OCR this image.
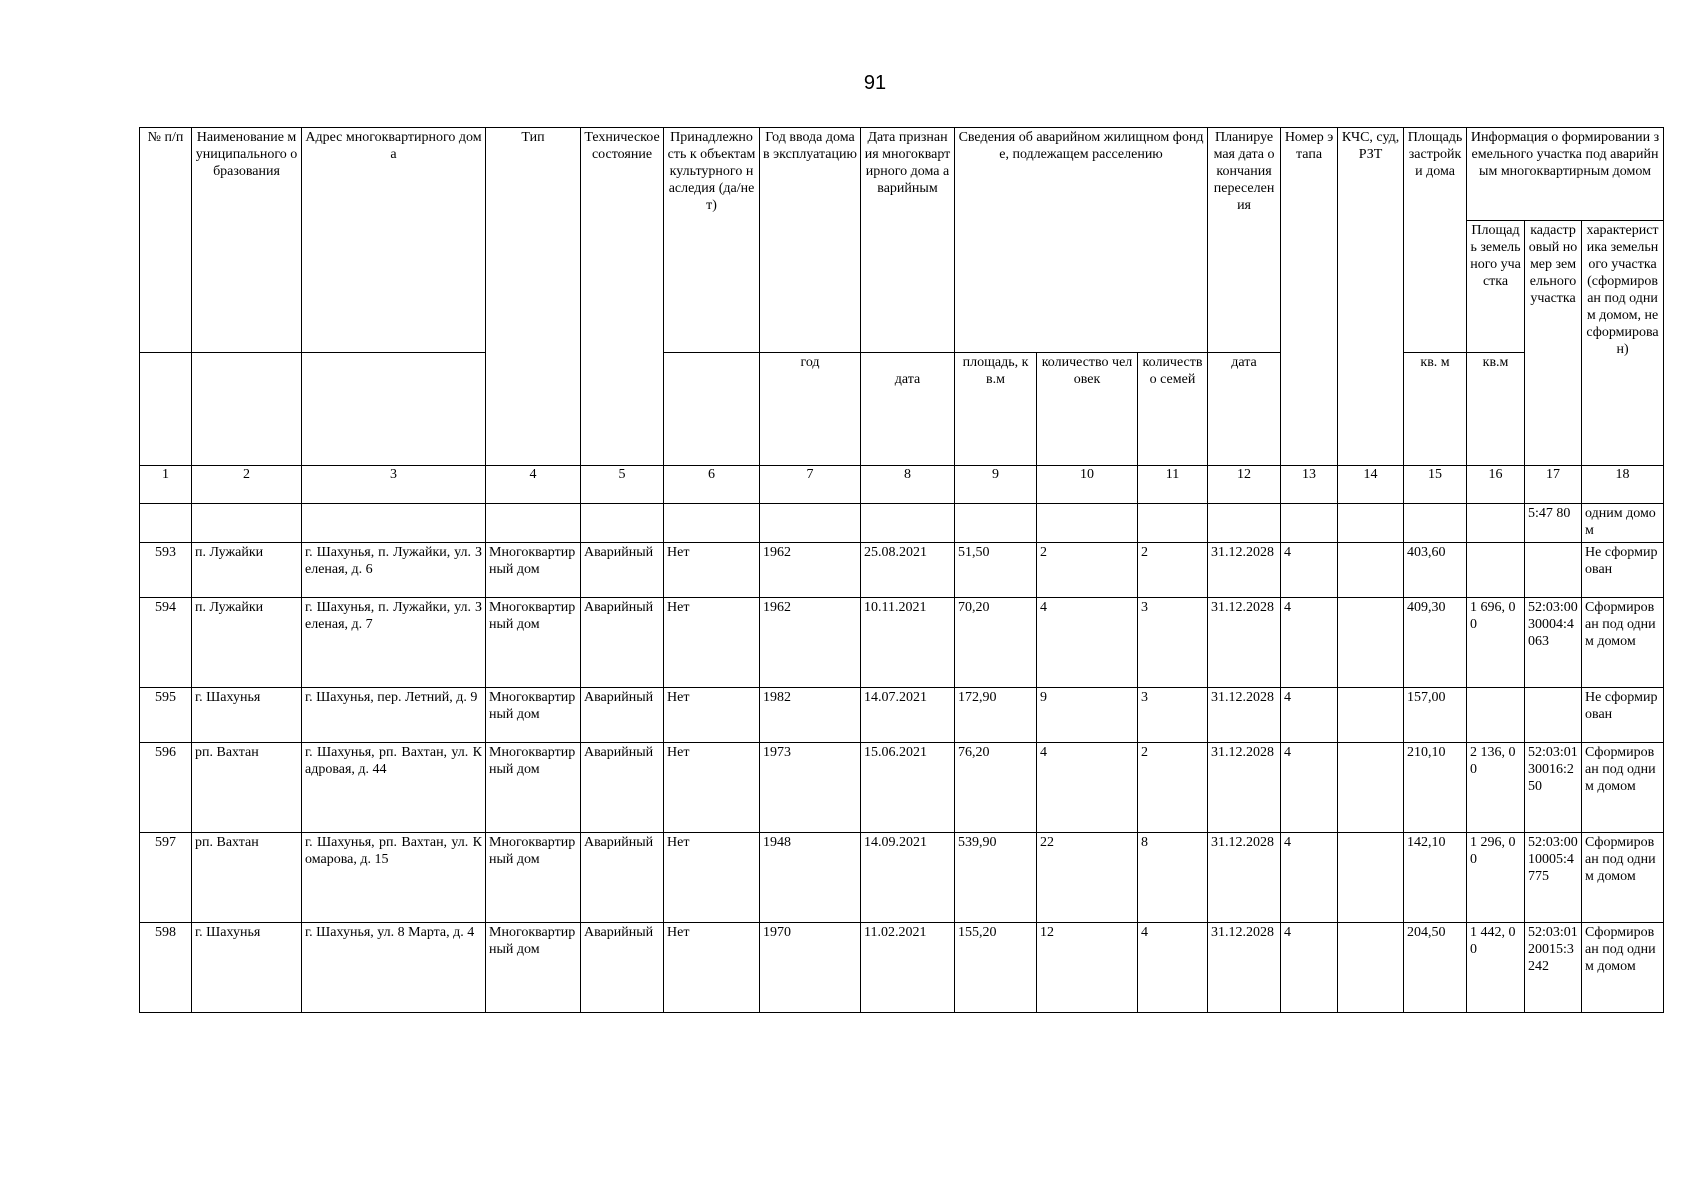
91
№ п/п	Наименование муниципального образования	Адрес многоквартирного дома	Тип	Техническое состояние	Принадлежность к объектам культурного наследия (да/нет)	Год ввода дома в эксплуатацию	Дата признания многоквартирного дома аварийным	Сведения об аварийном жилищном фонде, подлежащем расселению			Планируемая дата окончания переселения	Номер этапа	КЧС, суд, РЗТ	Площадь застройки дома	Информация о формировании земельного участка под аварийным многоквартирным домом		
															Площадь земельного участка	кадастровый номер земельного участка	характеристика земельного участка (сформирован под одним домом, не сформирован)
						год	дата	площадь, кв.м	количество человек	количество семей	дата			кв. м	кв.м		
1	2	3	4	5	6	7	8	9	10	11	12	13	14	15	16	17	18
																5:47 80	одним домом
593	п. Лужайки	г. Шахунья, п. Лужайки, ул. Зеленая, д. 6	Многоквартирный дом	Аварийный	Нет	1962	25.08.2021	51,50	2	2	31.12.2028	4		403,60			Не сформирован
594	п. Лужайки	г. Шахунья, п. Лужайки, ул. Зеленая, д. 7	Многоквартирный дом	Аварийный	Нет	1962	10.11.2021	70,20	4	3	31.12.2028	4		409,30	1 696, 00	52:03:0030004:4063	Сформирован под одним домом
595	г. Шахунья	г. Шахунья, пер. Летний, д. 9	Многоквартирный дом	Аварийный	Нет	1982	14.07.2021	172,90	9	3	31.12.2028	4		157,00			Не сформирован
596	рп. Вахтан	г. Шахунья, рп. Вахтан, ул. Кадровая, д. 44	Многоквартирный дом	Аварийный	Нет	1973	15.06.2021	76,20	4	2	31.12.2028	4		210,10	2 136, 00	52:03:0130016:250	Сформирован под одним домом
597	рп. Вахтан	г. Шахунья, рп. Вахтан, ул. Комарова, д. 15	Многоквартирный дом	Аварийный	Нет	1948	14.09.2021	539,90	22	8	31.12.2028	4		142,10	1 296, 00	52:03:0010005:4775	Сформирован под одним домом
598	г. Шахунья	г. Шахунья, ул. 8 Марта, д. 4	Многоквартирный дом	Аварийный	Нет	1970	11.02.2021	155,20	12	4	31.12.2028	4		204,50	1 442, 00	52:03:0120015:3242	Сформирован под одним домом
